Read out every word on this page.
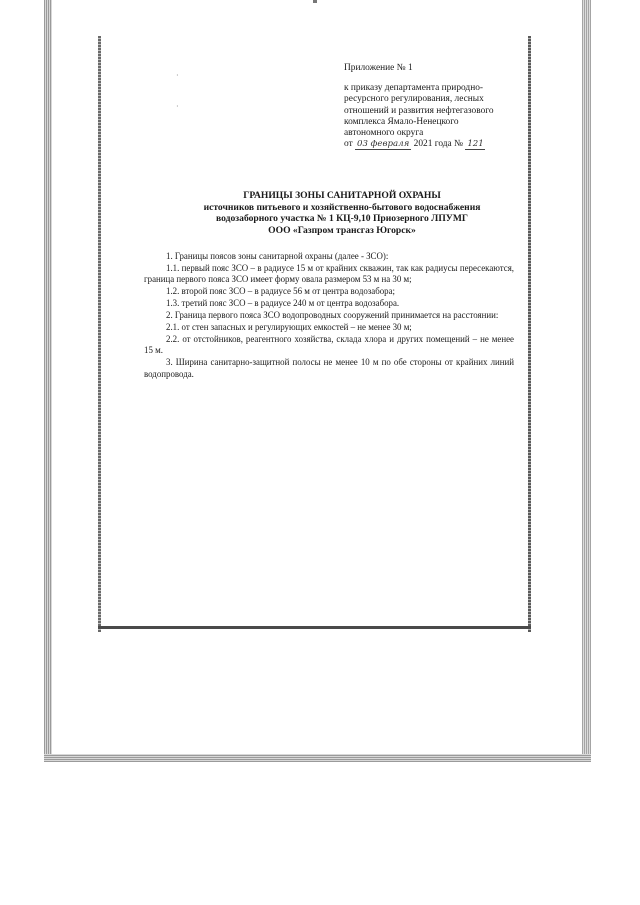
·
·
Приложение № 1
к приказу департамента природно-
ресурсного регулирования, лесных
отношений и развития нефтегазового
комплекса Ямало-Ненецкого
автономного округа
от 03 февраля 2021 года № 121
ГРАНИЦЫ ЗОНЫ САНИТАРНОЙ ОХРАНЫ
источников питьевого и хозяйственно-бытового водоснабжения
водозаборного участка № 1 КЦ-9,10 Приозерного ЛПУМГ
ООО «Газпром трансгаз Югорск»
1. Границы поясов зоны санитарной охраны (далее - ЗСО):
1.1. первый пояс ЗСО – в радиусе 15 м от крайних скважин, так как радиусы пересекаются, граница первого пояса ЗСО имеет форму овала размером 53 м на 30 м;
1.2. второй пояс ЗСО – в радиусе 56 м от центра водозабора;
1.3. третий пояс ЗСО – в радиусе 240 м от центра водозабора.
2. Граница первого пояса ЗСО водопроводных сооружений принимается на расстоянии:
2.1. от стен запасных и регулирующих емкостей – не менее 30 м;
2.2. от отстойников, реагентного хозяйства, склада хлора и других помещений – не менее 15 м.
3. Ширина санитарно-защитной полосы не менее 10 м по обе стороны от крайних линий водопровода.
